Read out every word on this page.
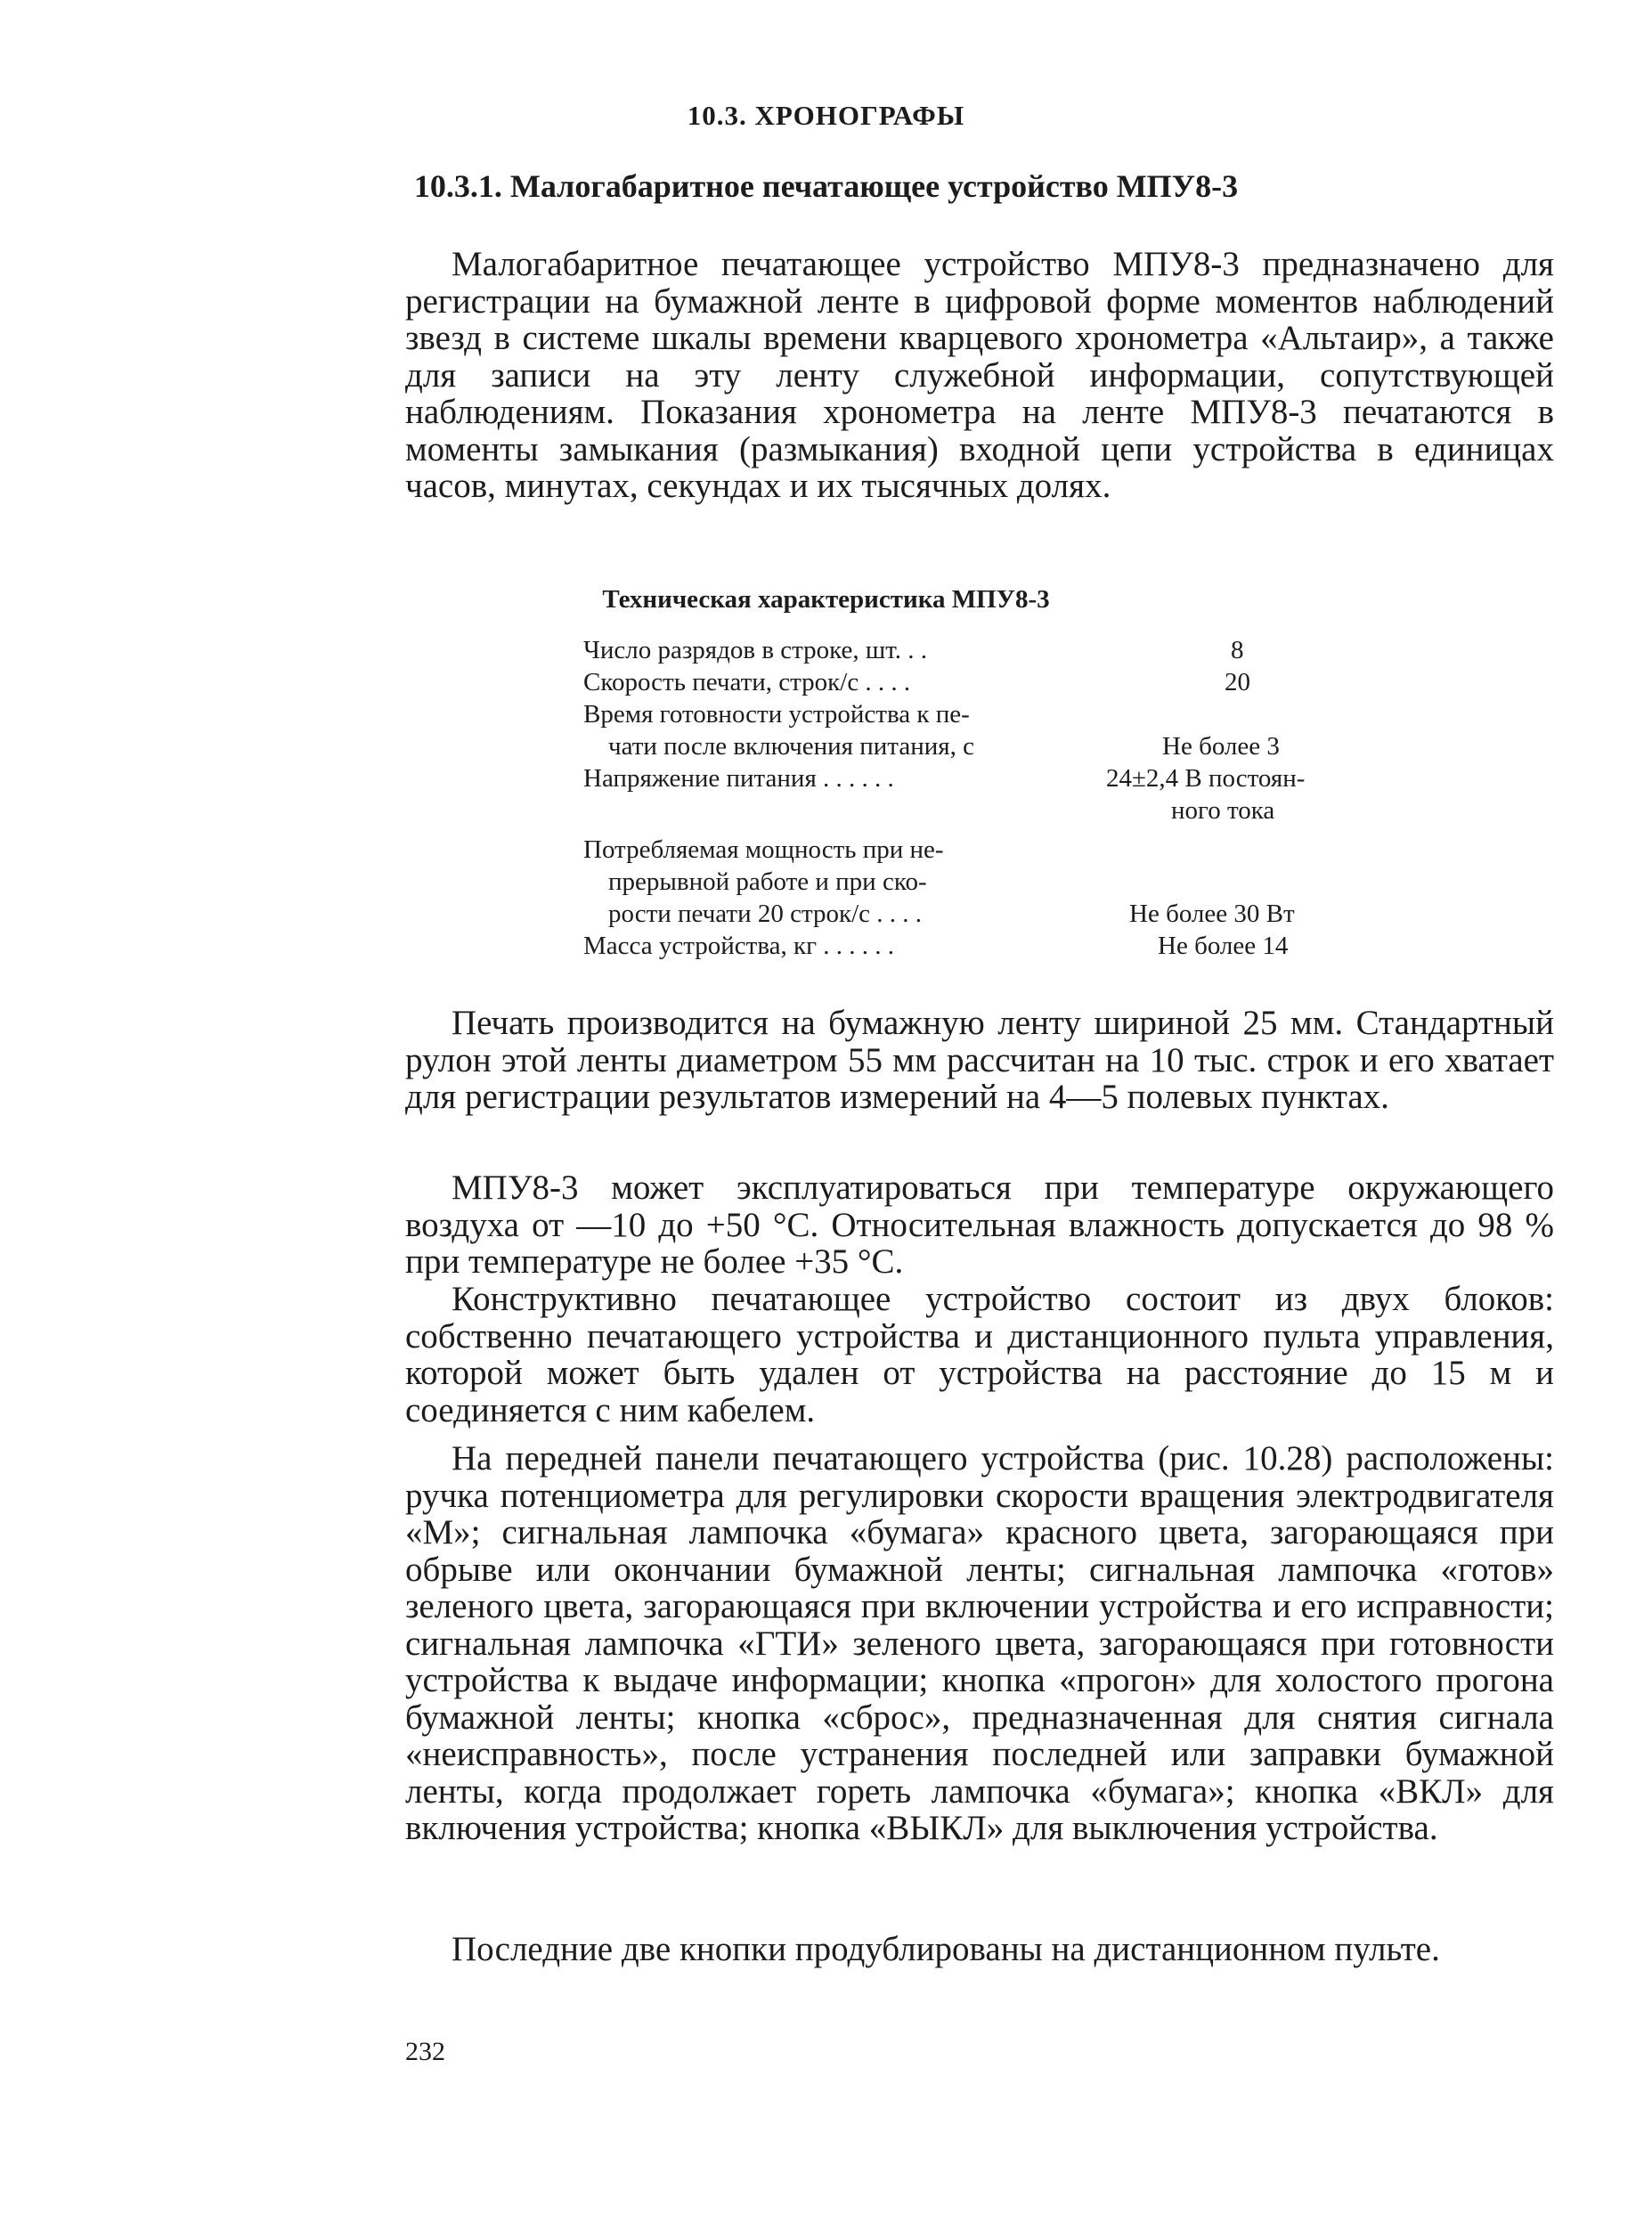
10.3. ХРОНОГРАФЫ
10.3.1. Малогабаритное печатающее устройство МПУ8-3

Малогабаритное печатающее устройство МПУ8-3 предназначено для регистрации на бумажной ленте в цифровой форме моментов наблюдений звезд в системе шкалы времени кварцевого хронометра «Альтаир», а также для записи на эту ленту служебной информации, сопутствующей наблюдениям. Показания хронометра на ленте МПУ8-3 печатаются в моменты замыкания (размыкания) входной цепи устройства в единицах часов, минутах, секундах и их тысячных долях.

Техническая характеристика МПУ8-3
Число разрядов в строке, шт. . .	8
Скорость печати, строк/с . . . .	20
Время готовности устройства к пе-
чати после включения питания, с	Не более 3
Напряжение питания . . . . . .	24±2,4 В постоян-
ного тока
Потребляемая мощность при не-
прерывной работе и при ско-
рости печати 20 строк/с . . . .	Не более 30 Вт
Масса устройства, кг . . . . . .	Не более 14

Печать производится на бумажную ленту шириной 25 мм. Стандартный рулон этой ленты диаметром 55 мм рассчитан на 10 тыс. строк и его хватает для регистрации результатов измерений на 4—5 полевых пунктах.

МПУ8-3 может эксплуатироваться при температуре окружающего воздуха от —10 до +50 °С. Относительная влажность допускается до 98 % при температуре не более +35 °С.

Конструктивно печатающее устройство состоит из двух блоков: собственно печатающего устройства и дистанционного пульта управления, которой может быть удален от устройства на расстояние до 15 м и соединяется с ним кабелем.

На передней панели печатающего устройства (рис. 10.28) расположены: ручка потенциометра для регулировки скорости вращения электродвигателя «М»; сигнальная лампочка «бумага» красного цвета, загорающаяся при обрыве или окончании бумажной ленты; сигнальная лампочка «готов» зеленого цвета, загорающаяся при включении устройства и его исправности; сигнальная лампочка «ГТИ» зеленого цвета, загорающаяся при готовности устройства к выдаче информации; кнопка «прогон» для холостого прогона бумажной ленты; кнопка «сброс», предназначенная для снятия сигнала «неисправность», после устранения последней или заправки бумажной ленты, когда продолжает гореть лампочка «бумага»; кнопка «ВКЛ» для включения устройства; кнопка «ВЫКЛ» для выключения устройства.

Последние две кнопки продублированы на дистанционном пульте.

232
